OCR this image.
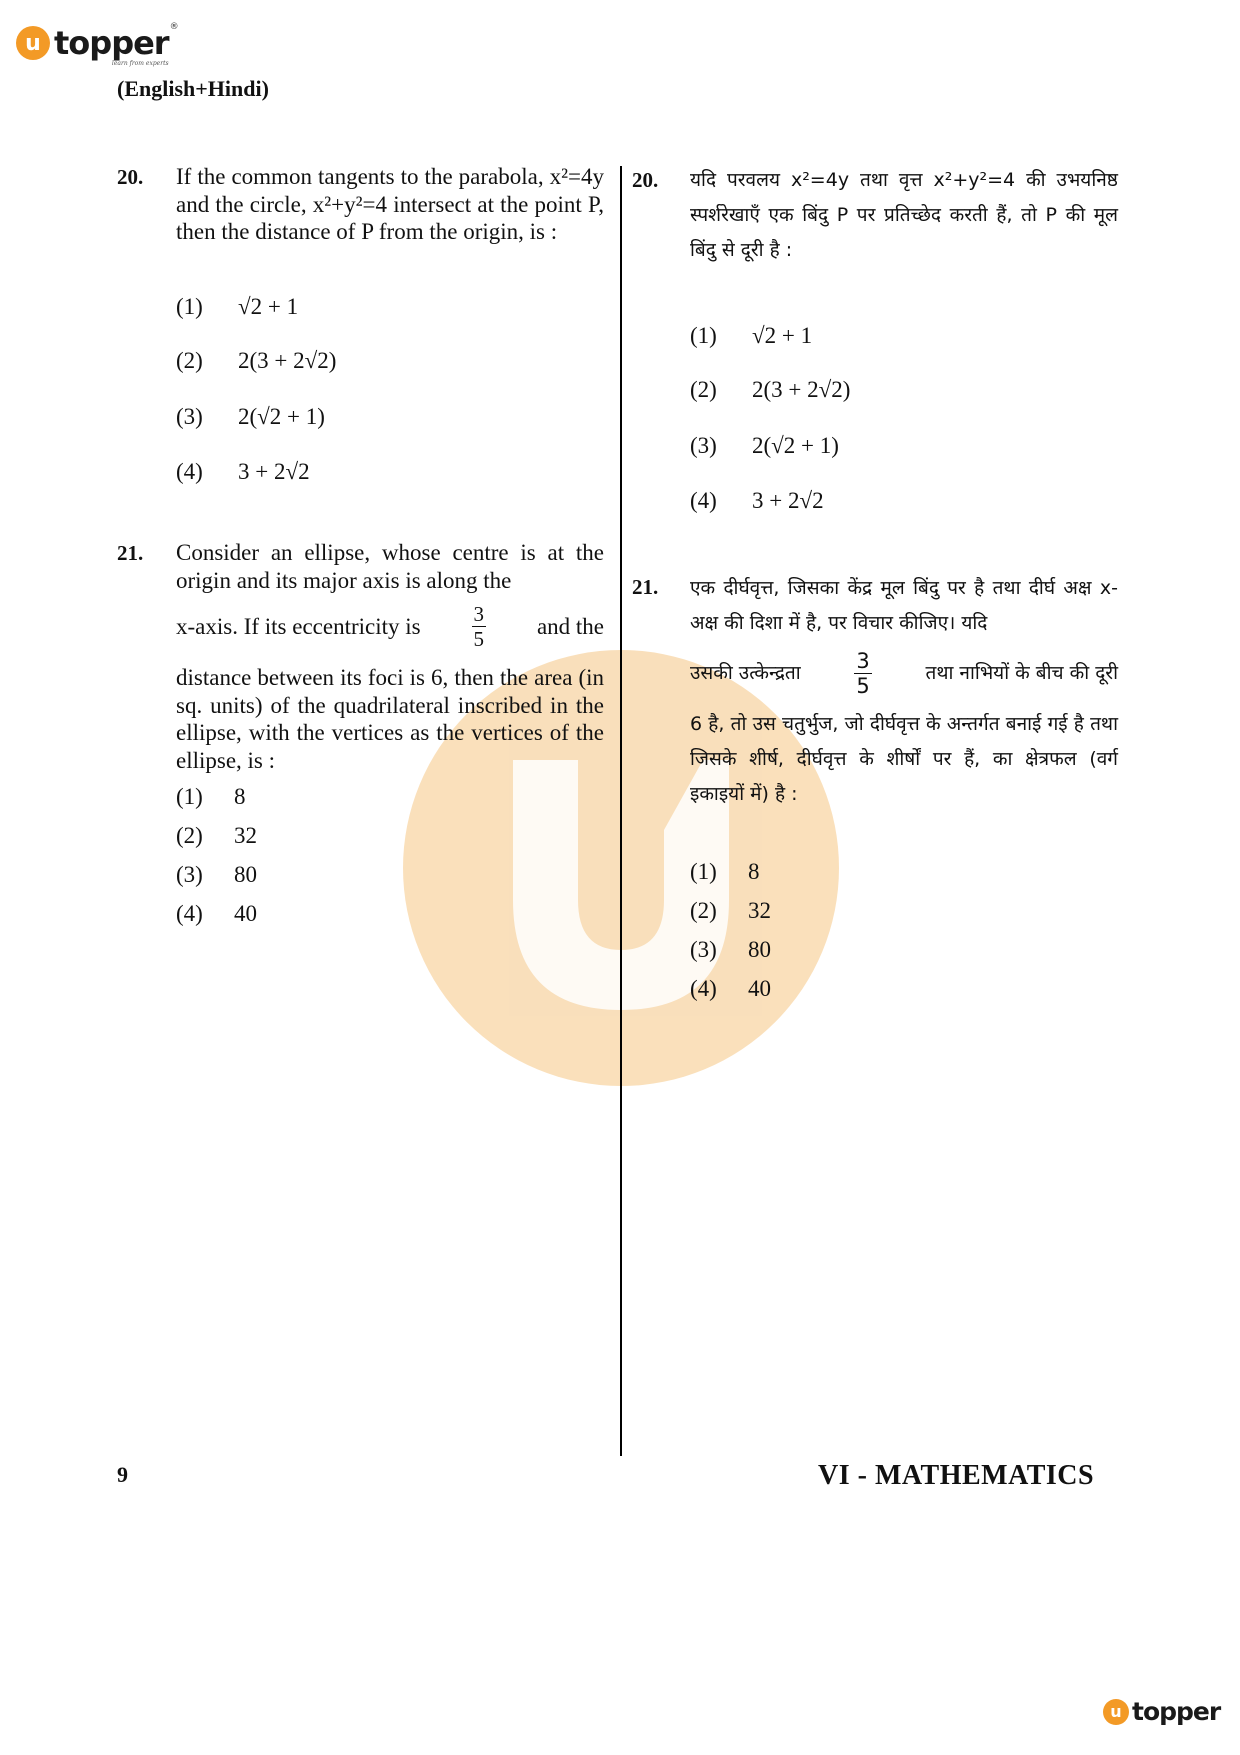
u topper ®
learn from experts
(English+Hindi)
20. If the common tangents to the parabola, x²=4y and the circle, x²+y²=4 intersect at the point P, then the distance of P from the origin, is :
(1)	√2 + 1
(2)	2(3 + 2√2)
(3)	2(√2 + 1)
(4)	3 + 2√2
21. Consider an ellipse, whose centre is at the origin and its major axis is along the
x-axis. If its eccentricity is $\frac{3}{5}$ and the
distance between its foci is 6, then the area (in sq. units) of the quadrilateral inscribed in the ellipse, with the vertices as the vertices of the ellipse, is :
(1)	8
(2)	32
(3)	80
(4)	40
20. यदि परवलय x²=4y तथा वृत्त x²+y²=4 की उभयनिष्ठ स्पर्शरेखाएँ एक बिंदु P पर प्रतिच्छेद करती हैं, तो P की मूल बिंदु से दूरी है :
(1)	√2 + 1
(2)	2(3 + 2√2)
(3)	2(√2 + 1)
(4)	3 + 2√2
21. एक दीर्घवृत्त, जिसका केंद्र मूल बिंदु पर है तथा दीर्घ अक्ष x-अक्ष की दिशा में है, पर विचार कीजिए। यदि
उसकी उत्केन्द्रता	$\frac{3}{5}$	तथा नाभियों के बीच की दूरी
6 है, तो उस चतुर्भुज, जो दीर्घवृत्त के अन्तर्गत बनाई गई है तथा जिसके शीर्ष, दीर्घवृत्त के शीर्षों पर हैं, का क्षेत्रफल (वर्ग इकाइयों में) है :
(1)	8
(2)	32
(3)	80
(4)	40
9	VI - MATHEMATICS
u topper
